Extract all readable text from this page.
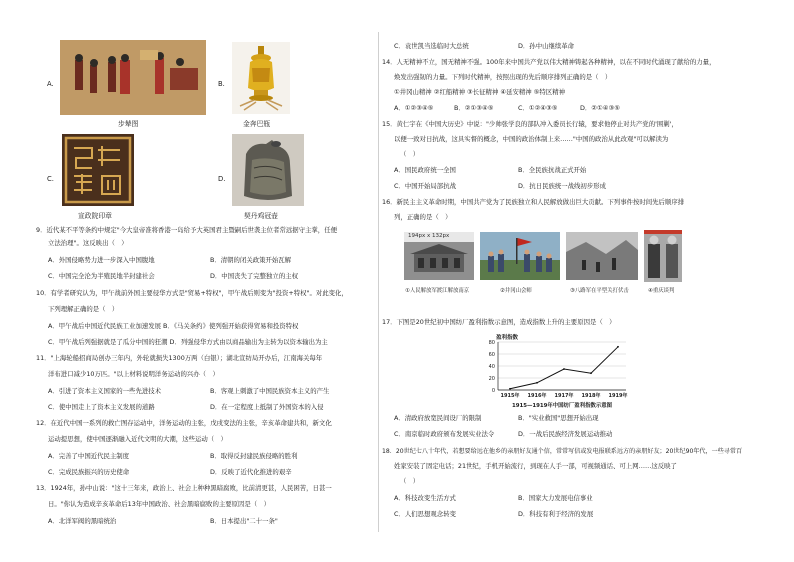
A.
步辇图
B.
金奔巴瓶
C.
宣政院印章
D.
契丹鸡冠壶
9．近代某不平等条约中规定"今大皇帝准将香港一岛给予大英国君主暨嗣后世袭主位者常远据守主掌，任便
立法治理"。这反映出（　）
A．外国侵略势力进一步深入中国腹地	B．清朝的闭关政策开始瓦解
C．中国完全沦为半殖民地半封建社会	D．中国丧失了完整独立的主权
10．有学者研究认为，甲午战前外国主要侵华方式是"贸易+特权"，甲午战后则变为"投资+特权"。对此变化，
下列理解正确的是（　）
A．甲午战后中国近代民族工业加速发展 B．《马关条约》使列强开始获得贸易和投资特权
C．甲午战后列强据就是了瓜分中国的狂潮 D．列强侵华方式由以商品输出为主转为以资本输出为主
11．"上海轮船招商局创办三年内，外轮就损失1300万两（白银）；湖北宣纺局开办后，江南海关每年
洋布进口减少10万匹。"以上材料说明洋务运动的兴办（　）
A．引进了资本主义国家的一些先进技术	B．客观上刺激了中国民族资本主义的产生
C．使中国走上了资本主义发展的道路	D．在一定程度上抵制了外国资本的入侵
12．在近代中国一系列的救亡图存运动中，洋务运动的主张，戊戌变法的主张，辛亥革命建共和，新文化
运动提思想，使中国逐渐融入近代文明的大潮，这些运动（　）
A．完善了中国近代民主制度	B．取得反封建民族侵略的胜利
C．完成民族振兴的历史使命	D．反映了近代化推进的艰辛
13．1924年，孙中山说："这十三年来，政治上、社会上种种黑暗腐败，比前清更甚，人民困苦，日甚一
日。"你认为造成辛亥革命后13年中国政治、社会黑暗腐败的主要原因是（　）
A．北洋军阀的黑暗统治	B．日本提出"二十一条"
C．袁世凯当选临时大总统	D．孙中山继续革命
14．人无精神不立，国无精神不强。100年来中国共产党以伟大精神铸起各种精神，以在不同时代涌现了献给的力量，
焕发出强韧的力量。下列时代精神，按照出现的先后顺序排列正确的是（　）
①井冈山精神 ②红船精神 ③长征精神 ④延安精神 ⑤特区精神
A．①②③④⑤	B．②①③④⑤	C．①②④③⑤	D．②①④③⑤
15．黄仁宇在《中国大历史》中说："少帅张学良的部队冲入委员长行辕，要求他停止对共产党的'围剿'，
以便一致对日抗战，这具实督的概念，中国的政治体制上来……"中国的政治从此改观"可以解读为
（　）
A．国民政府统一全国	B．全民族抗战正式开始
C．中国开始局部抗战	D．抗日民族统一战线初步形成
16．新民主主义革命时期，中国共产党为了民族独立和人民解放做出巨大贡献。下列事件按时间先后顺序排
列，正确的是（　）
194px x 132px
①人民解放军渡江解放南京	②井冈山会师	③八路军在平型关打伏击	④重庆谈判
17．下图是20世纪初中国纺厂盈利指数示意图，造成指数上升的主要原因是（　）
盈利指数
0
20
40
60
80
1915年 1916年 1917年 1918年 1919年
1915—1919年中国纺厂盈利指数示意图
A．清政府放宽民间设厂的限制	B．"实业救国"思想开始出现
C．南京临时政府颁布发展实业法令	D．一战后民族经济发展运动推动
18．20世纪七八十年代，若想要给远在他乡的亲朋好友通个信，常常写信或发电报联系远方的亲朋好友；20世纪90年代，一些寻常百
姓家安装了固定电话；21世纪，手机开始流行，到现在人手一部，可视频通话、可上网……这反映了
（　）
A．科技改变生活方式	B．国家大力发展电信事业
C．人们思想观念转变	D．科技有利于经济的发展
